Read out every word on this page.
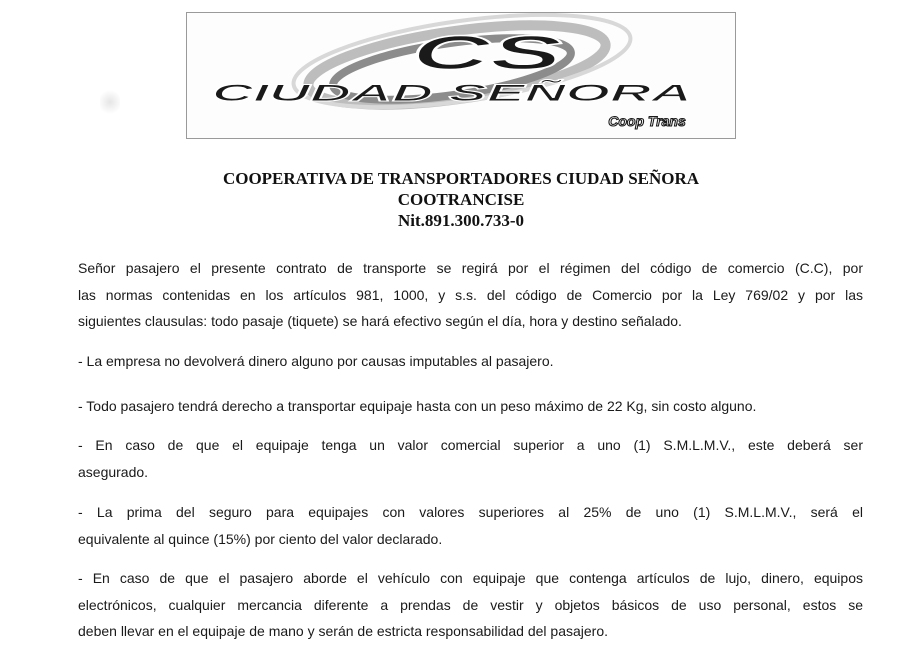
CS
CIUDAD SEÑORA
Coop Trans
COOPERATIVA DE TRANSPORTADORES CIUDAD SEÑORA
COOTRANCISE
Nit.891.300.733-0
Señor pasajero el presente contrato de transporte se regirá por el régimen del código de comercio (C.C), por
las normas contenidas en los artículos 981, 1000, y s.s. del código de Comercio por la Ley 769/02 y por las
siguientes clausulas: todo pasaje (tiquete) se hará efectivo según el día, hora y destino señalado.
- La empresa no devolverá dinero alguno por causas imputables al pasajero.
- Todo pasajero tendrá derecho a transportar equipaje hasta con un peso máximo de 22 Kg, sin costo alguno.
- En caso de que el equipaje tenga un valor comercial superior a uno (1) S.M.L.M.V., este deberá ser
asegurado.
- La prima del seguro para equipajes con valores superiores al 25% de uno (1) S.M.L.M.V., será el
equivalente al quince (15%) por ciento del valor declarado.
- En caso de que el pasajero aborde el vehículo con equipaje que contenga artículos de lujo, dinero, equipos
electrónicos, cualquier mercancia diferente a prendas de vestir y objetos básicos de uso personal, estos se
deben llevar en el equipaje de mano y serán de estricta responsabilidad del pasajero.
